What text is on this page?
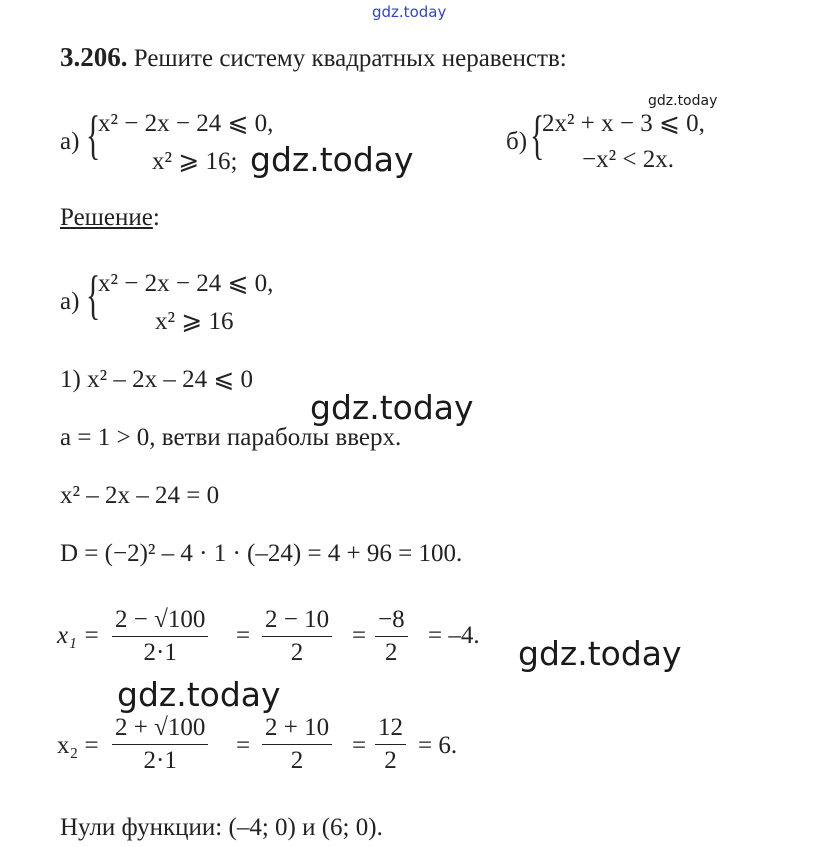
gdz.today
gdz.today
gdz.today
gdz.today
gdz.today
gdz.today
3.206. Решите систему квадратных неравенств:
а) {
x² − 2x − 24 ⩽ 0,
x² ⩾ 16;
б) {
2x² + x − 3 ⩽ 0,
−x² < 2x.
Решение:
а) {
x² − 2x − 24 ⩽ 0,
x² ⩾ 16
1) x² – 2x – 24 ⩽ 0
a = 1 > 0, ветви параболы вверх.
x² – 2x – 24 = 0
D = (−2)² – 4 · 1 · (–24) = 4 + 96 = 100.
x₁ =
2 − √100
2·1
=
2 − 10
2
=
−8
2
= –4.
x₂ =
2 + √100
2·1
=
2 + 10
2
=
12
2
= 6.
Нули функции: (–4; 0) и (6; 0).
